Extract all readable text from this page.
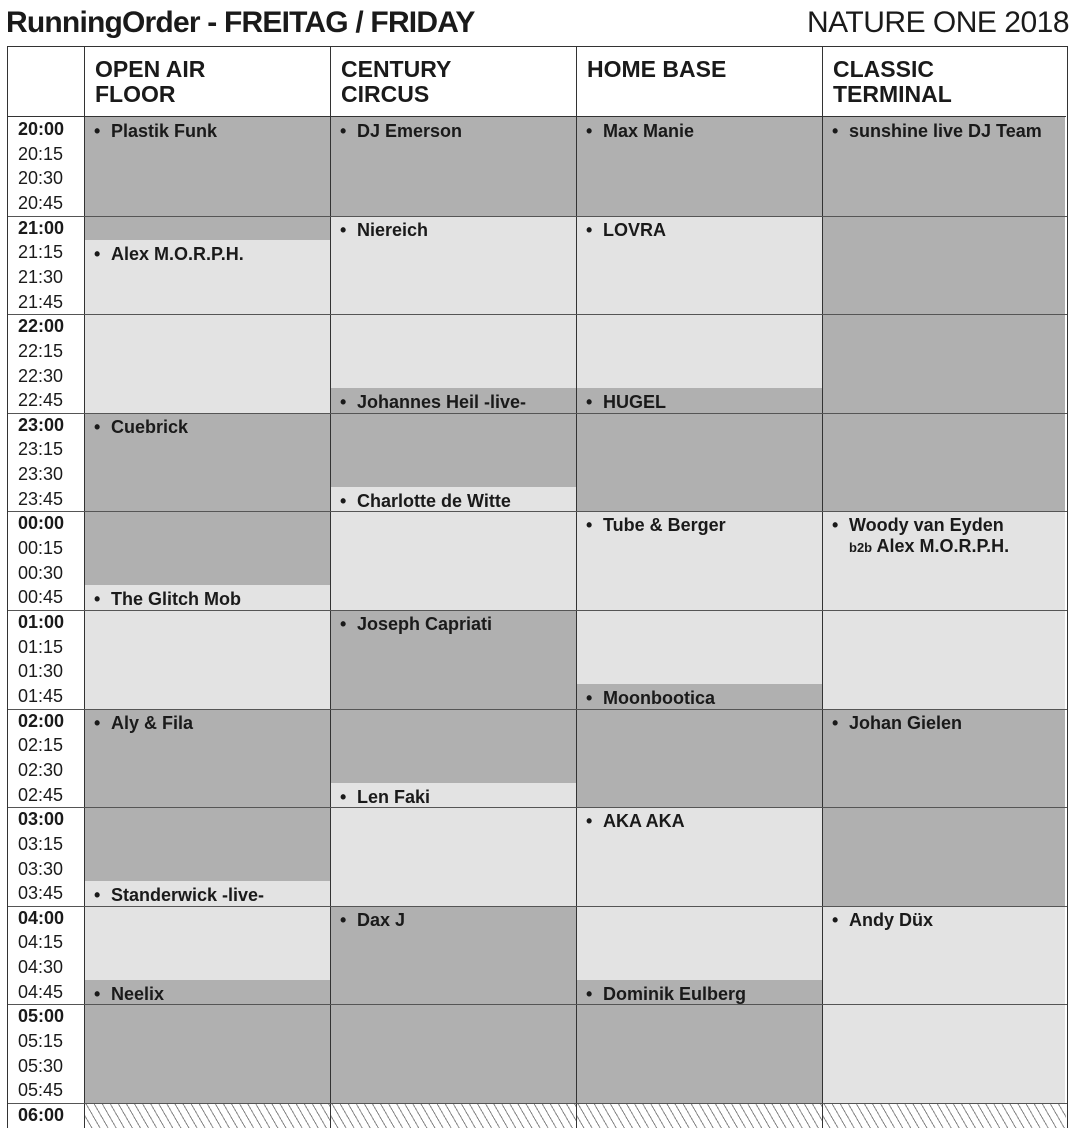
RunningOrder - FREITAG / FRIDAY	NATURE ONE 2018
20:00
20:15
20:30
20:45
21:00
21:15
21:30
21:45
22:00
22:15
22:30
22:45
23:00
23:15
23:30
23:45
00:00
00:15
00:30
00:45
01:00
01:15
01:30
01:45
02:00
02:15
02:30
02:45
03:00
03:15
03:30
03:45
04:00
04:15
04:30
04:45
05:00
05:15
05:30
05:45
06:00
OPEN AIR
FLOOR
• Plastik Funk
• Alex M.O.R.P.H.
• Cuebrick
• The Glitch Mob
• Aly & Fila
• Standerwick -live-
• Neelix
CENTURY
CIRCUS
• DJ Emerson
• Niereich
• Johannes Heil -live-
• Charlotte de Witte
• Joseph Capriati
• Len Faki
• Dax J
HOME BASE
• Max Manie
• LOVRA
• HUGEL
• Tube & Berger
• Moonbootica
• AKA AKA
• Dominik Eulberg
CLASSIC
TERMINAL
• sunshine live DJ Team
• Woody van Eyden
b2b Alex M.O.R.P.H.
• Johan Gielen
• Andy Düx
